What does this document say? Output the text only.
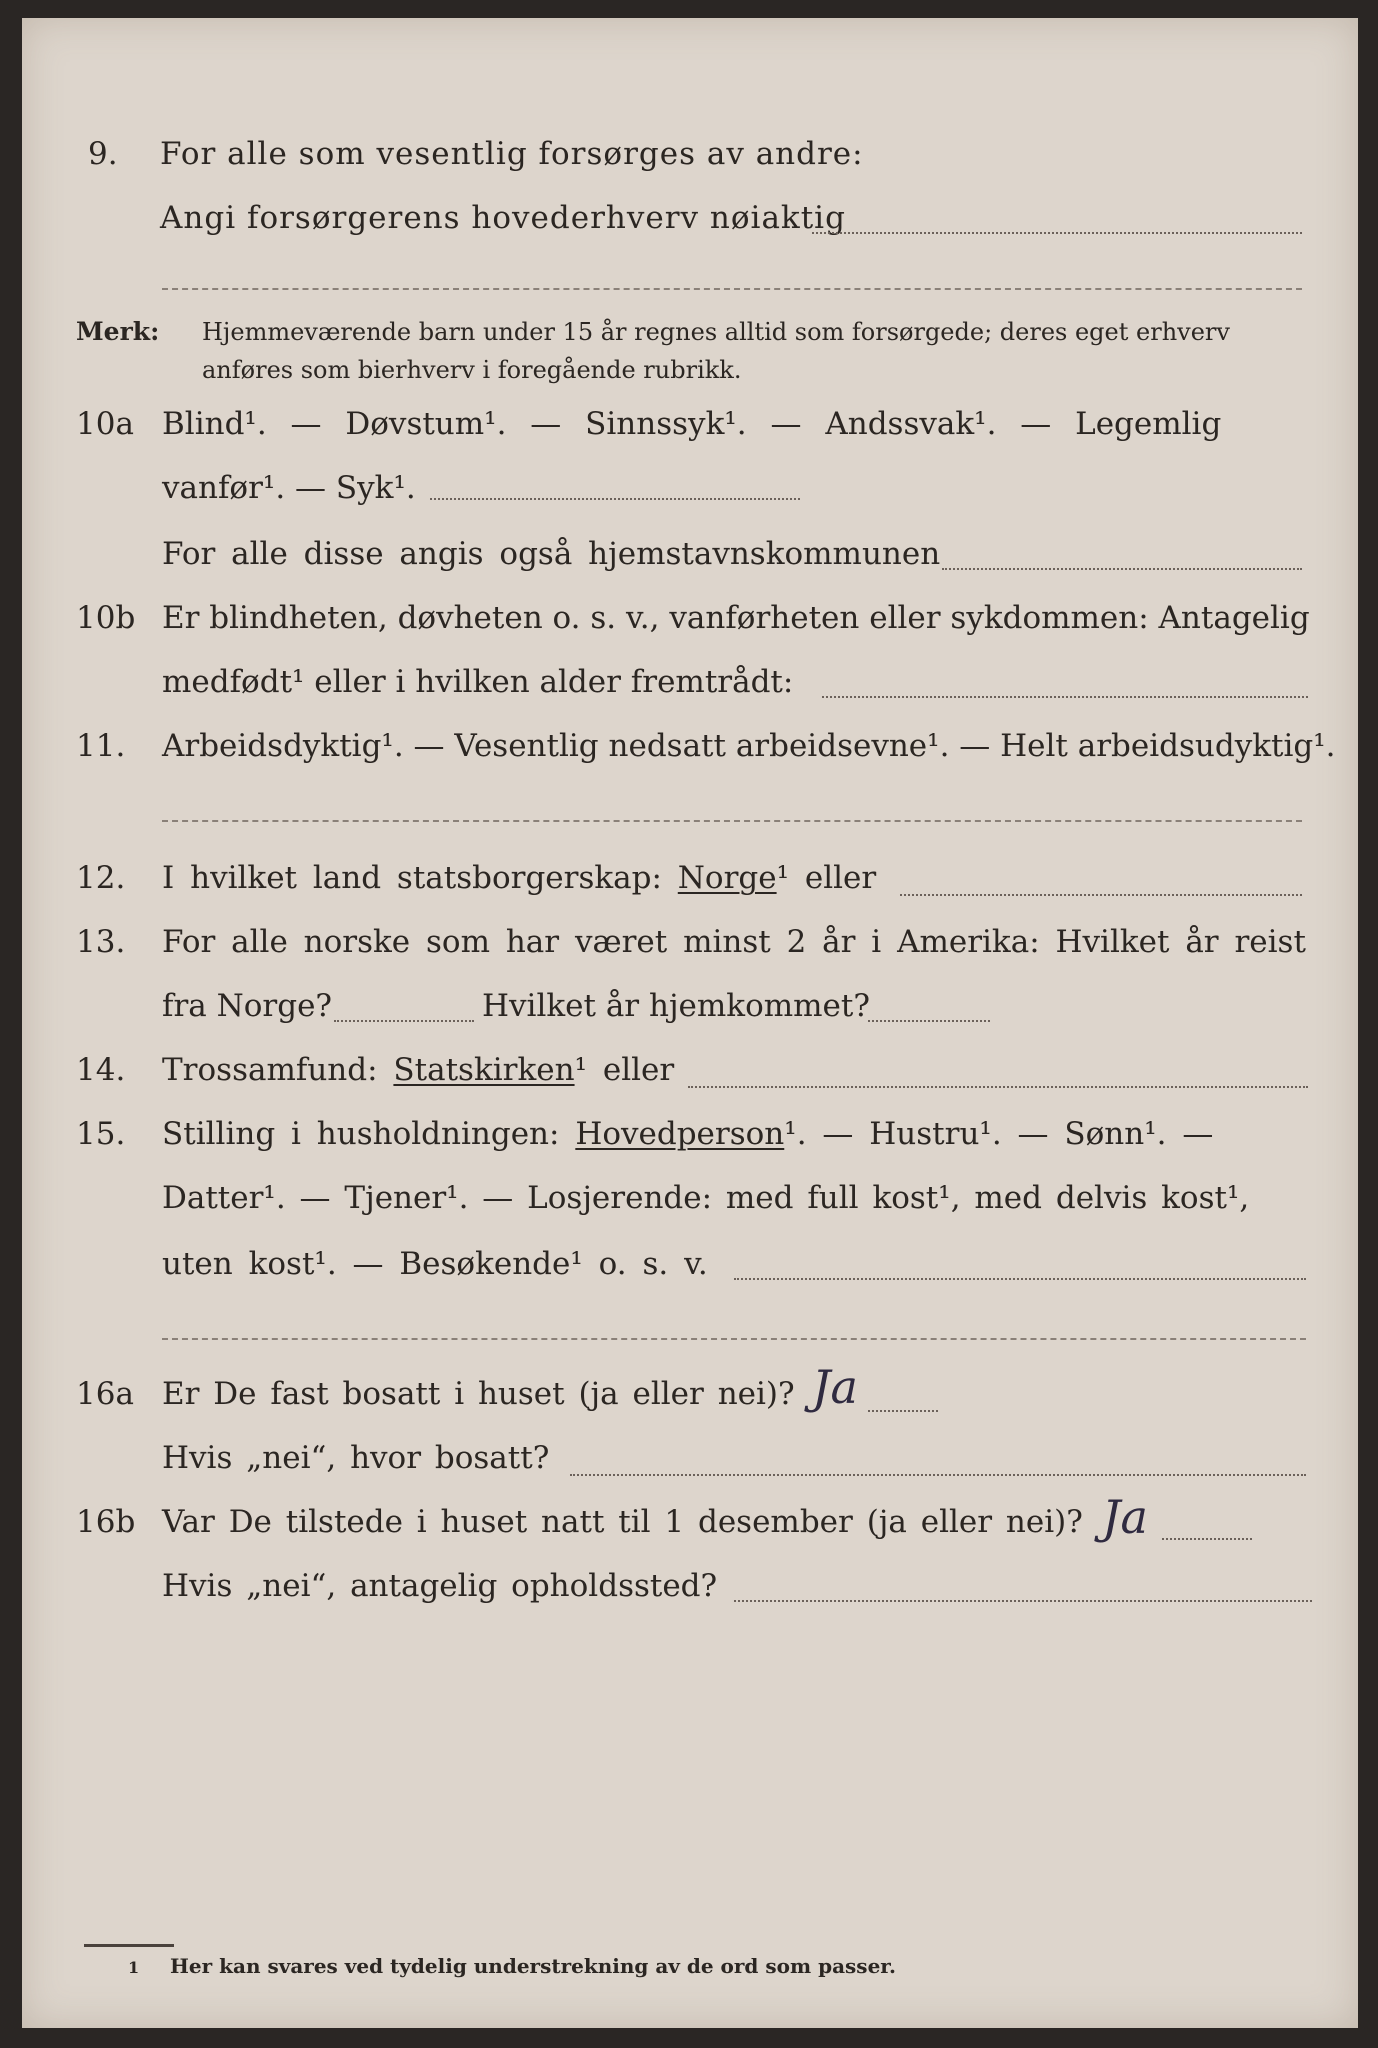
9. For alle som vesentlig forsørges av andre:
Angi forsørgerens hovederhverv nøiaktig
Merk: Hjemmeværende barn under 15 år regnes alltid som forsørgede; deres eget erhverv
anføres som bierhverv i foregående rubrikk.
10a Blind¹. — Døvstum¹. — Sinnssyk¹. — Andssvak¹. — Legemlig
vanfør¹. — Syk¹.
For alle disse angis også hjemstavnskommunen
10b Er blindheten, døvheten o. s. v., vanførheten eller sykdommen: Antagelig
medfødt¹ eller i hvilken alder fremtrådt:
11. Arbeidsdyktig¹. — Vesentlig nedsatt arbeidsevne¹. — Helt arbeidsudyktig¹.
12. I hvilket land statsborgerskap: Norge¹ eller
13. For alle norske som har været minst 2 år i Amerika: Hvilket år reist
fra Norge?	Hvilket år hjemkommet?
14. Trossamfund: Statskirken¹ eller
15. Stilling i husholdningen: Hovedperson¹. — Hustru¹. — Sønn¹. —
Datter¹. — Tjener¹. — Losjerende: med full kost¹, med delvis kost¹,
uten kost¹. — Besøkende¹ o. s. v.
16a Er De fast bosatt i huset (ja eller nei)? Ja
Hvis „nei“, hvor bosatt?
16b Var De tilstede i huset natt til 1 desember (ja eller nei)? Ja
Hvis „nei“, antagelig opholdssted?
1 Her kan svares ved tydelig understrekning av de ord som passer.
